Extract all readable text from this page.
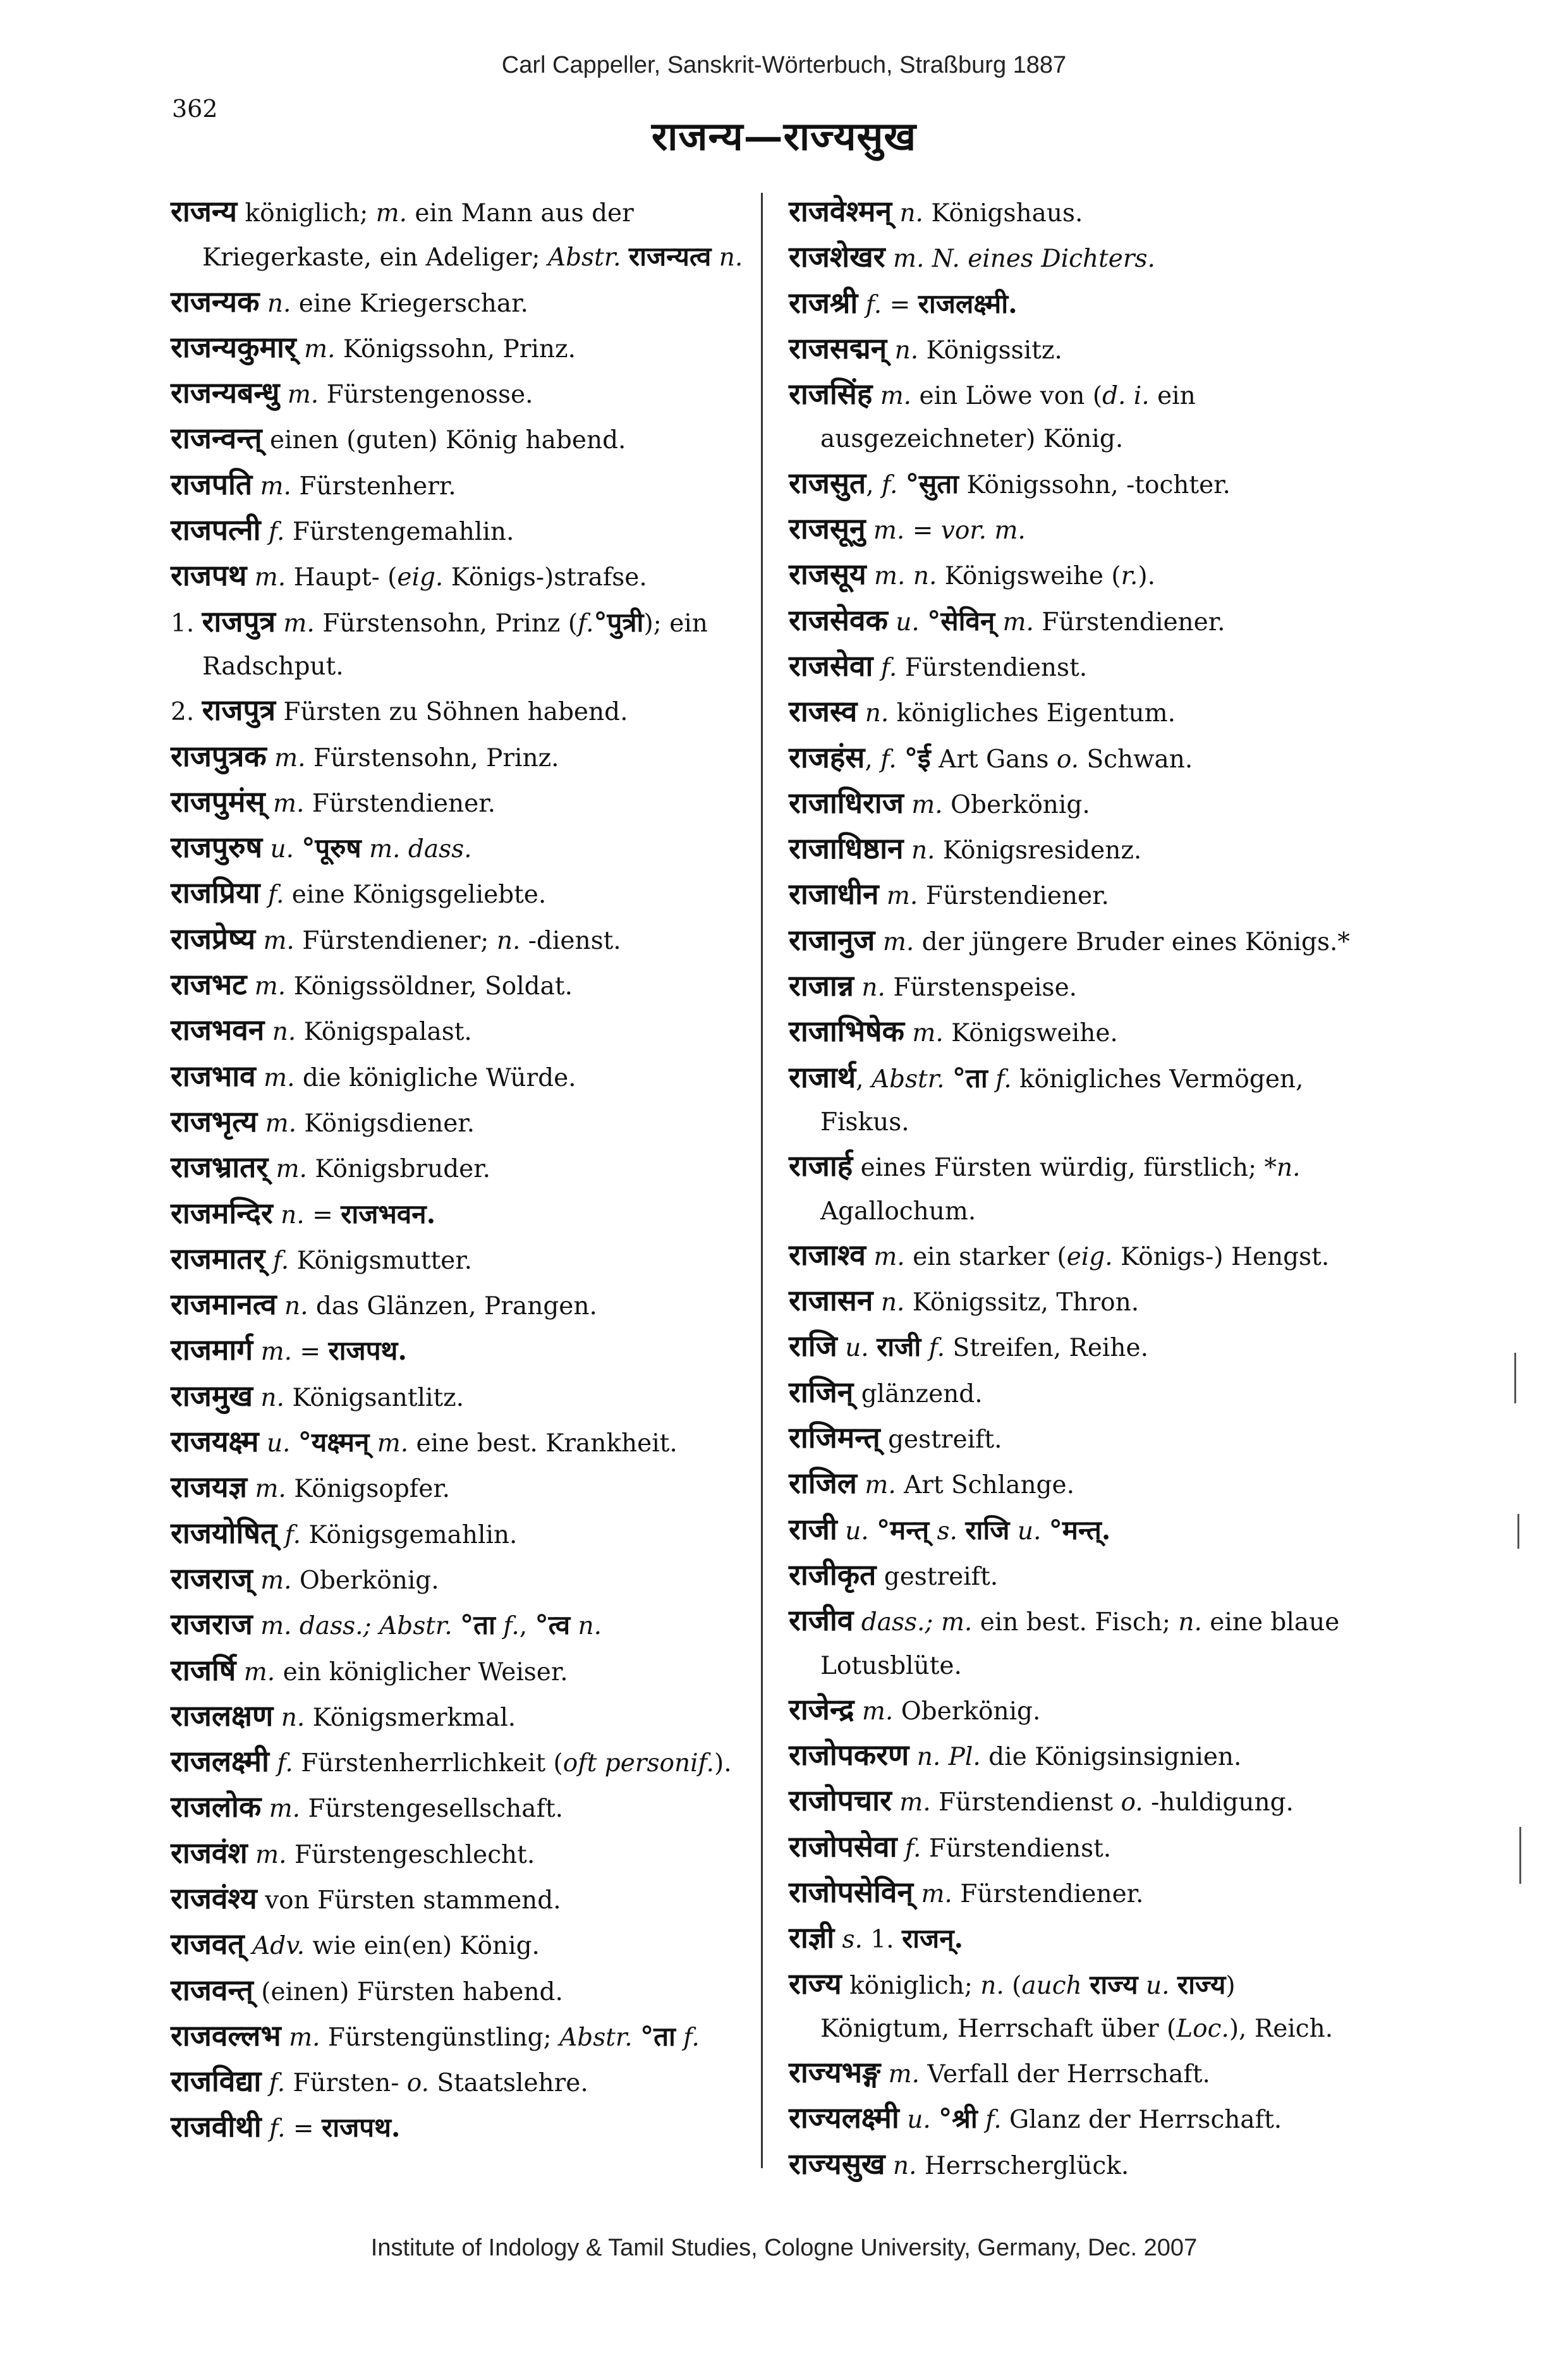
Carl Cappeller, Sanskrit-Wörterbuch, Straßburg 1887
362
राजन्य—राज्यसुख

राजन्य königlich; m. ein Mann aus der Kriegerkaste, ein Adeliger; Abstr. राजन्यत्व n.

राजन्यक n. eine Kriegerschar.

राजन्यकुमार् m. Königssohn, Prinz.

राजन्यबन्धु m. Fürstengenosse.

राजन्वन्त् einen (guten) König habend.

राजपति m. Fürstenherr.

राजपत्नी f. Fürstengemahlin.

राजपथ m. Haupt- (eig. Königs-)strafse.

1. राजपुत्र m. Fürstensohn, Prinz (f.°पुत्री); ein Radschput.

2. राजपुत्र Fürsten zu Söhnen habend.

राजपुत्रक m. Fürstensohn, Prinz.

राजपुमंस् m. Fürstendiener.

राजपुरुष u. °पूरुष m. dass.

राजप्रिया f. eine Königsgeliebte.

राजप्रेष्य m. Fürstendiener; n. -dienst.

राजभट m. Königssöldner, Soldat.

राजभवन n. Königspalast.

राजभाव m. die königliche Würde.

राजभृत्य m. Königsdiener.

राजभ्रातर् m. Königsbruder.

राजमन्दिर n. = राजभवन.

राजमातर् f. Königsmutter.

राजमानत्व n. das Glänzen, Prangen.

राजमार्ग m. = राजपथ.

राजमुख n. Königsantlitz.

राजयक्ष्म u. °यक्ष्मन् m. eine best. Krankheit.

राजयज्ञ m. Königsopfer.

राजयोषित् f. Königsgemahlin.

राजराज् m. Oberkönig.

राजराज m. dass.; Abstr. °ता f., °त्व n.

राजर्षि m. ein königlicher Weiser.

राजलक्षण n. Königsmerkmal.

राजलक्ष्मी f. Fürstenherrlichkeit (oft personif.).

राजलोक m. Fürstengesellschaft.

राजवंश m. Fürstengeschlecht.

राजवंश्य von Fürsten stammend.

राजवत् Adv. wie ein(en) König.

राजवन्त् (einen) Fürsten habend.

राजवल्लभ m. Fürstengünstling; Abstr. °ता f.

राजविद्या f. Fürsten- o. Staatslehre.

राजवीथी f. = राजपथ.

राजवेश्मन् n. Königshaus.

राजशेखर m. N. eines Dichters.

राजश्री f. = राजलक्ष्मी.

राजसद्मन् n. Königssitz.

राजसिंह m. ein Löwe von (d. i. ein ausgezeichneter) König.

राजसुत, f. °सुता Königssohn, -tochter.

राजसूनु m. = vor. m.

राजसूय m. n. Königsweihe (r.).

राजसेवक u. °सेविन् m. Fürstendiener.

राजसेवा f. Fürstendienst.

राजस्व n. königliches Eigentum.

राजहंस, f. °ई Art Gans o. Schwan.

राजाधिराज m. Oberkönig.

राजाधिष्ठान n. Königsresidenz.

राजाधीन m. Fürstendiener.

राजानुज m. der jüngere Bruder eines Königs.*

राजान्न n. Fürstenspeise.

राजाभिषेक m. Königsweihe.

राजार्थ, Abstr. °ता f. königliches Vermögen, Fiskus.

राजार्ह eines Fürsten würdig, fürstlich; *n. Agallochum.

राजाश्व m. ein starker (eig. Königs-) Hengst.

राजासन n. Königssitz, Thron.

राजि u. राजी f. Streifen, Reihe.

राजिन् glänzend.

राजिमन्त् gestreift.

राजिल m. Art Schlange.

राजी u. °मन्त् s. राजि u. °मन्त्.

राजीकृत gestreift.

राजीव dass.; m. ein best. Fisch; n. eine blaue Lotusblüte.

राजेन्द्र m. Oberkönig.

राजोपकरण n. Pl. die Königsinsignien.

राजोपचार m. Fürstendienst o. -huldigung.

राजोपसेवा f. Fürstendienst.

राजोपसेविन् m. Fürstendiener.

राज्ञी s. 1. राजन्.

राज्य königlich; n. (auch राज्य u. राज्य) Königtum, Herrschaft über (Loc.), Reich.

राज्यभङ्ग m. Verfall der Herrschaft.

राज्यलक्ष्मी u. °श्री f. Glanz der Herrschaft.

राज्यसुख n. Herrscherglück.

Institute of Indology & Tamil Studies, Cologne University, Germany, Dec. 2007
